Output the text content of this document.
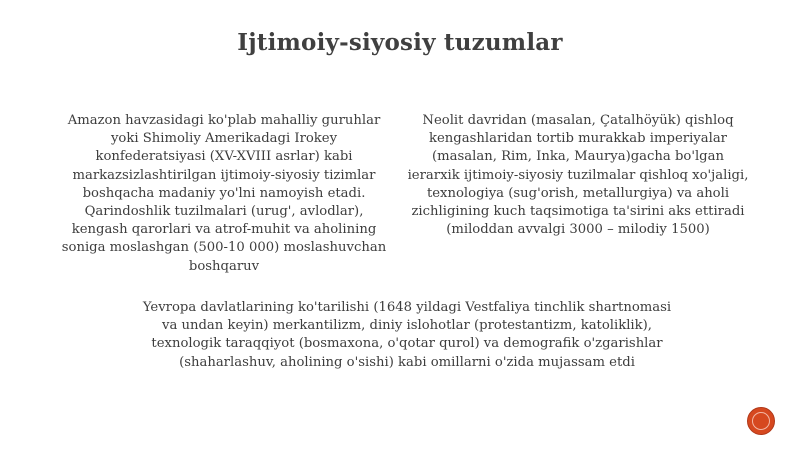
Ijtimoiy-siyosiy tuzumlar
Amazon havzasidagi ko'plab mahalliy guruhlar yoki Shimoliy Amerikadagi Irokey konfederatsiyasi (XV-XVIII asrlar) kabi markazsizlashtirilgan ijtimoiy-siyosiy tizimlar boshqacha madaniy yo'lni namoyish etadi. Qarindoshlik tuzilmalari (urug', avlodlar), kengash qarorlari va atrof-muhit va aholining soniga moslashgan (500-10 000) moslashuvchan boshqaruv
Neolit davridan (masalan, Çatalhöyük) qishloq kengashlaridan tortib murakkab imperiyalar (masalan, Rim, Inka, Maurya)gacha bo'lgan ierarxik ijtimoiy-siyosiy tuzilmalar qishloq xo'jaligi, texnologiya (sug'orish, metallurgiya) va aholi zichligining kuch taqsimotiga ta'sirini aks ettiradi (miloddan avvalgi 3000 – milodiy 1500)
Yevropa davlatlarining ko'tarilishi (1648 yildagi Vestfaliya tinchlik shartnomasi va undan keyin) merkantilizm, diniy islohotlar (protestantizm, katoliklik), texnologik taraqqiyot (bosmaxona, o'qotar qurol) va demografik o'zgarishlar (shaharlashuv, aholining o'sishi) kabi omillarni o'zida mujassam etdi
